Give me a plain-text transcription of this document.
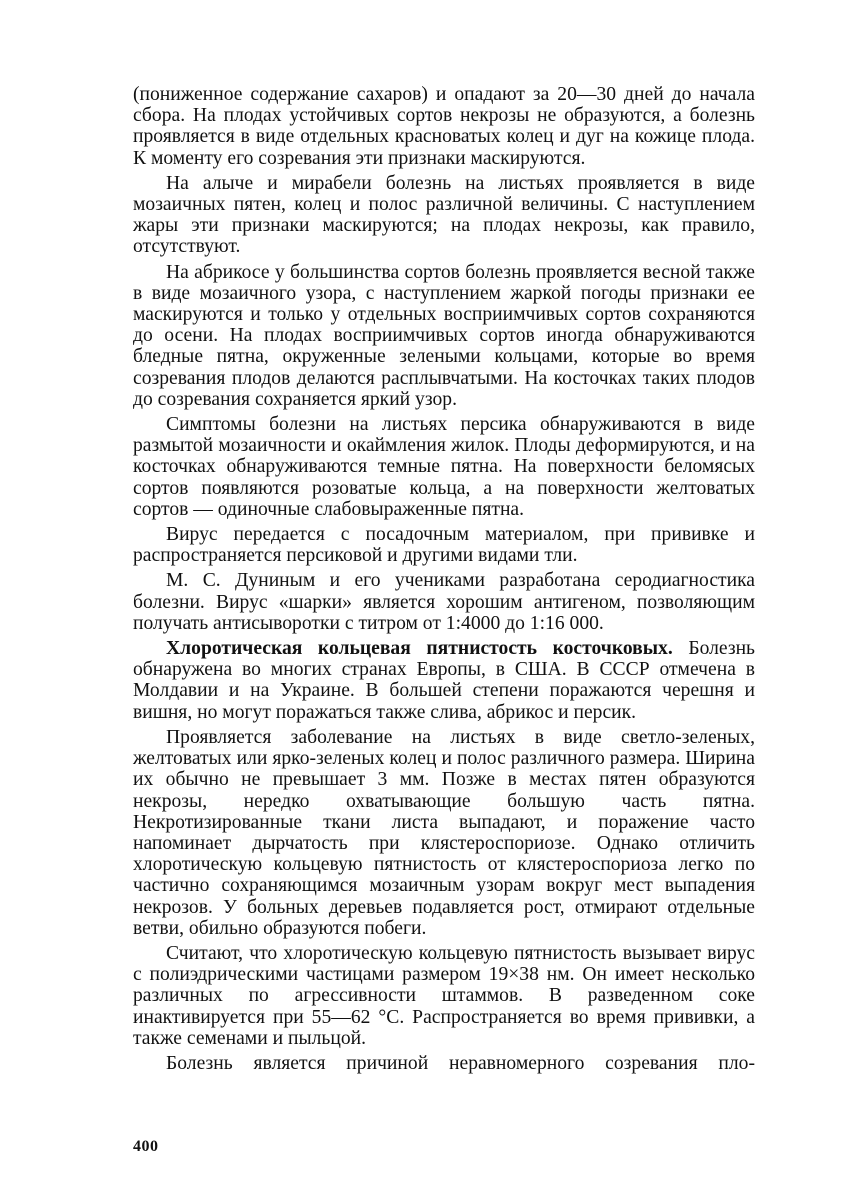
(пониженное содержание сахаров) и опадают за 20—30 дней до начала сбора. На плодах устойчивых сортов некрозы не образуются, а болезнь проявляется в виде отдельных красноватых колец и дуг на кожице плода. К моменту его созревания эти признаки маскируются.

На алыче и мирабели болезнь на листьях проявляется в виде мозаичных пятен, колец и полос различной величины. С наступлением жары эти признаки маскируются; на плодах некрозы, как правило, отсутствуют.

На абрикосе у большинства сортов болезнь проявляется весной также в виде мозаичного узора, с наступлением жаркой погоды признаки ее маскируются и только у отдельных восприимчивых сортов сохраняются до осени. На плодах восприимчивых сортов иногда обнаруживаются бледные пятна, окруженные зелеными кольцами, которые во время созревания плодов делаются расплывчатыми. На косточках таких плодов до созревания сохраняется яркий узор.

Симптомы болезни на листьях персика обнаруживаются в виде размытой мозаичности и окаймления жилок. Плоды деформируются, и на косточках обнаруживаются темные пятна. На поверхности беломясых сортов появляются розоватые кольца, а на поверхности желтоватых сортов — одиночные слабовыраженные пятна.

Вирус передается с посадочным материалом, при прививке и распространяется персиковой и другими видами тли.

М. С. Дуниным и его учениками разработана серодиагностика болезни. Вирус «шарки» является хорошим антигеном, позволяющим получать антисыворотки с титром от 1:4000 до 1:16 000.

Хлоротическая кольцевая пятнистость косточковых. Болезнь обнаружена во многих странах Европы, в США. В СССР отмечена в Молдавии и на Украине. В большей степени поражаются черешня и вишня, но могут поражаться также слива, абрикос и персик.

Проявляется заболевание на листьях в виде светло-зеленых, желтоватых или ярко-зеленых колец и полос различного размера. Ширина их обычно не превышает 3 мм. Позже в местах пятен образуются некрозы, нередко охватывающие большую часть пятна. Некротизированные ткани листа выпадают, и поражение часто напоминает дырчатость при клястероспориозе. Однако отличить хлоротическую кольцевую пятнистость от клястероспориоза легко по частично сохраняющимся мозаичным узорам вокруг мест выпадения некрозов. У больных деревьев подавляется рост, отмирают отдельные ветви, обильно образуются побеги.

Считают, что хлоротическую кольцевую пятнистость вызывает вирус с полиэдрическими частицами размером 19×38 нм. Он имеет несколько различных по агрессивности штаммов. В разведенном соке инактивируется при 55—62 °С. Распространяется во время прививки, а также семенами и пыльцой.

Болезнь является причиной неравномерного созревания пло-

400
